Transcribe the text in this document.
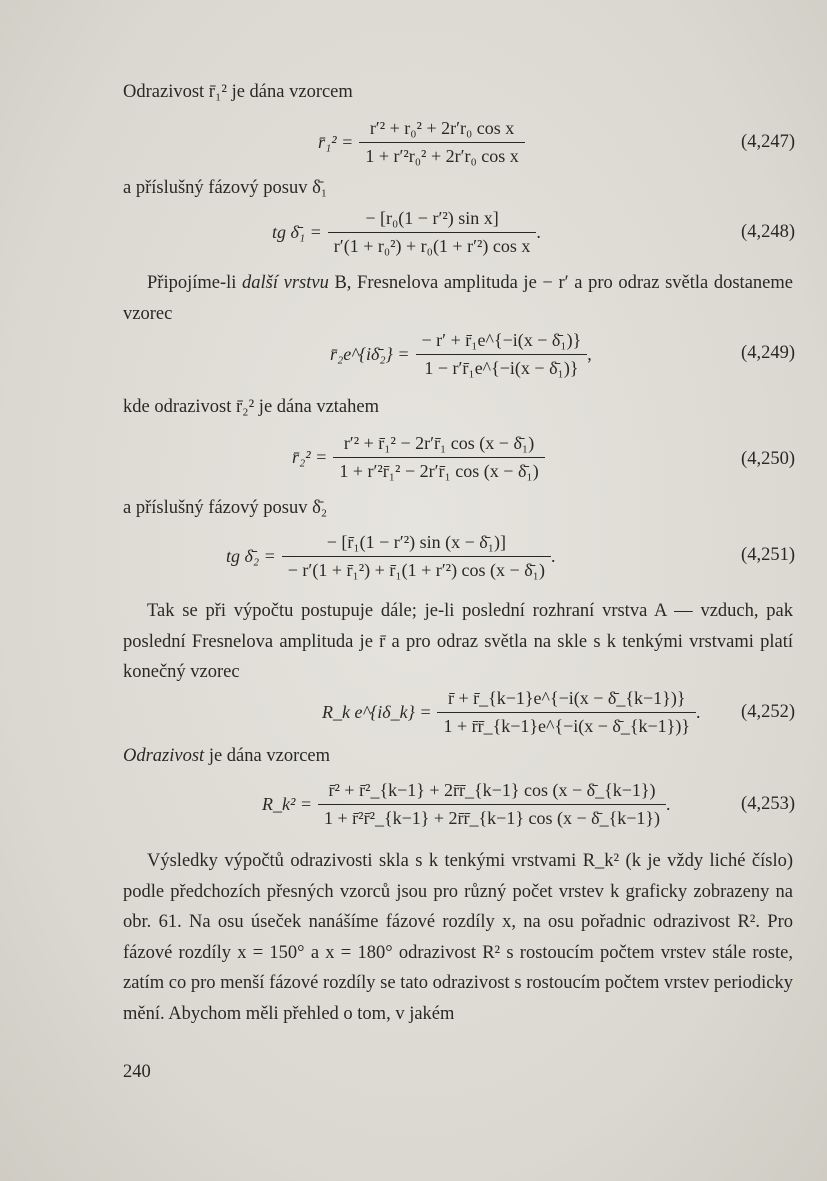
Odrazivost r̄₁² je dána vzorcem
r̄₁² = $\frac{\text{r′² + r₀² + 2r′r₀ cos x}}{\text{1 + r′²r₀² + 2r′r₀ cos x}}$	(4,247)
a příslušný fázový posuv δ̄₁
tg δ̄₁ = $\frac{\text{− [r₀(1 − r′²) sin x]}}{\text{r′(1 + r₀²) + r₀(1 + r′²) cos x}}$ .	(4,248)
Připojíme-li další vrstvu B, Fresnelova amplituda je − r′ a pro odraz světla dostaneme vzorec
r̄₂e^{iδ̄₂} = $\frac{\text{− r′ + r̄₁e\textasciicircum{}\{−i(x − δ̄₁)\}}}{\text{1 − r′r̄₁e\textasciicircum{}\{−i(x − δ̄₁)\}}}$ ,	(4,249)
kde odrazivost r̄₂² je dána vztahem
r̄₂² = $\frac{\text{r′² + r̄₁² − 2r′r̄₁ cos (x − δ̄₁)}}{\text{1 + r′²r̄₁² − 2r′r̄₁ cos (x − δ̄₁)}}$	(4,250)
a příslušný fázový posuv δ̄₂
tg δ̄₂ = $\frac{\text{− [r̄₁(1 − r′²) sin (x − δ̄₁)]}}{\text{− r′(1 + r̄₁²) + r̄₁(1 + r′²) cos (x − δ̄₁)}}$ .	(4,251)
Tak se při výpočtu postupuje dále; je-li poslední rozhraní vrstva A — vzduch, pak poslední Fresnelova amplituda je r̄ a pro odraz světla na skle s k tenkými vrstvami platí konečný vzorec
R_k e^{iδ_k} = $\frac{r̄ + r̄\_\{k-1\}e\^{}\{-i(x - \deltā\_\{k-1\})\}}{1 + r̄r̄\_\{k-1\}e\^{}\{-i(x - \deltā\_\{k-1\})\}}$ .	(4,252)
Odrazivost je dána vzorcem
R_k² = $\frac{\text{r̄² + r̄²\_\{k−1\} + 2r̄r̄\_\{k−1\} cos (x − δ̄\_\{k−1\})}}{\text{1 + r̄²r̄²\_\{k−1\} + 2r̄r̄\_\{k−1\} cos (x − δ̄\_\{k−1\})}}$ .	(4,253)
Výsledky výpočtů odrazivosti skla s k tenkými vrstvami R_k² (k je vždy liché číslo) podle předchozích přesných vzorců jsou pro různý počet vrstev k graficky zobrazeny na obr. 61. Na osu úseček nanášíme fázové rozdíly x, na osu pořadnic odrazivost R². Pro fázové rozdíly x = 150° a x = 180° odrazivost R² s rostoucím počtem vrstev stále roste, zatím co pro menší fázové rozdíly se tato odrazivost s rostoucím počtem vrstev periodicky mění. Abychom měli přehled o tom, v jakém
240
